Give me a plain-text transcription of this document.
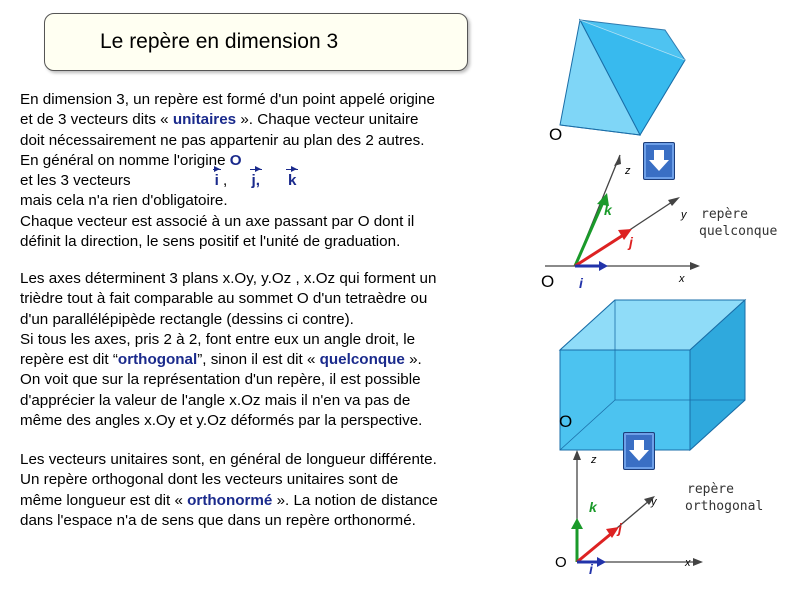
Le repère en dimension 3
En dimension 3, un repère est formé d'un point appelé origine
et de 3 vecteurs dits « unitaires ». Chaque vecteur unitaire
doit nécessairement ne pas appartenir au plan des 2 autres.
En général on nomme l'origine O
et les 3 vecteurs	i , j, k
mais cela n'a rien d'obligatoire.
Chaque vecteur est associé à un axe passant par O dont il
définit la direction, le sens positif et l'unité de graduation.
Les axes déterminent 3 plans x.Oy, y.Oz , x.Oz qui forment un
trièdre tout à fait comparable au sommet O d'un tetraèdre ou
d'un parallélépipède rectangle (dessins ci contre).
Si tous les axes, pris 2 à 2, font entre eux un angle droit, le
repère est dit “orthogonal”, sinon il est dit « quelconque ».
On voit que sur la représentation d'un repère, il est possible
d'apprécier la valeur de l'angle x.Oz mais il n'en va pas de
même des angles x.Oy et y.Oz déformés par la perspective.
Les vecteurs unitaires sont, en général de longueur différente.
Un repère orthogonal dont les vecteurs unitaires sont de
même longueur est dit « orthonormé ». La notion de distance
dans l'espace n'a de sens que dans un repère orthonormé.
O
O
z
y
x
k
j
i
repère
quelconque
O
O
z
y
x
k
j
i
repère
orthogonal
